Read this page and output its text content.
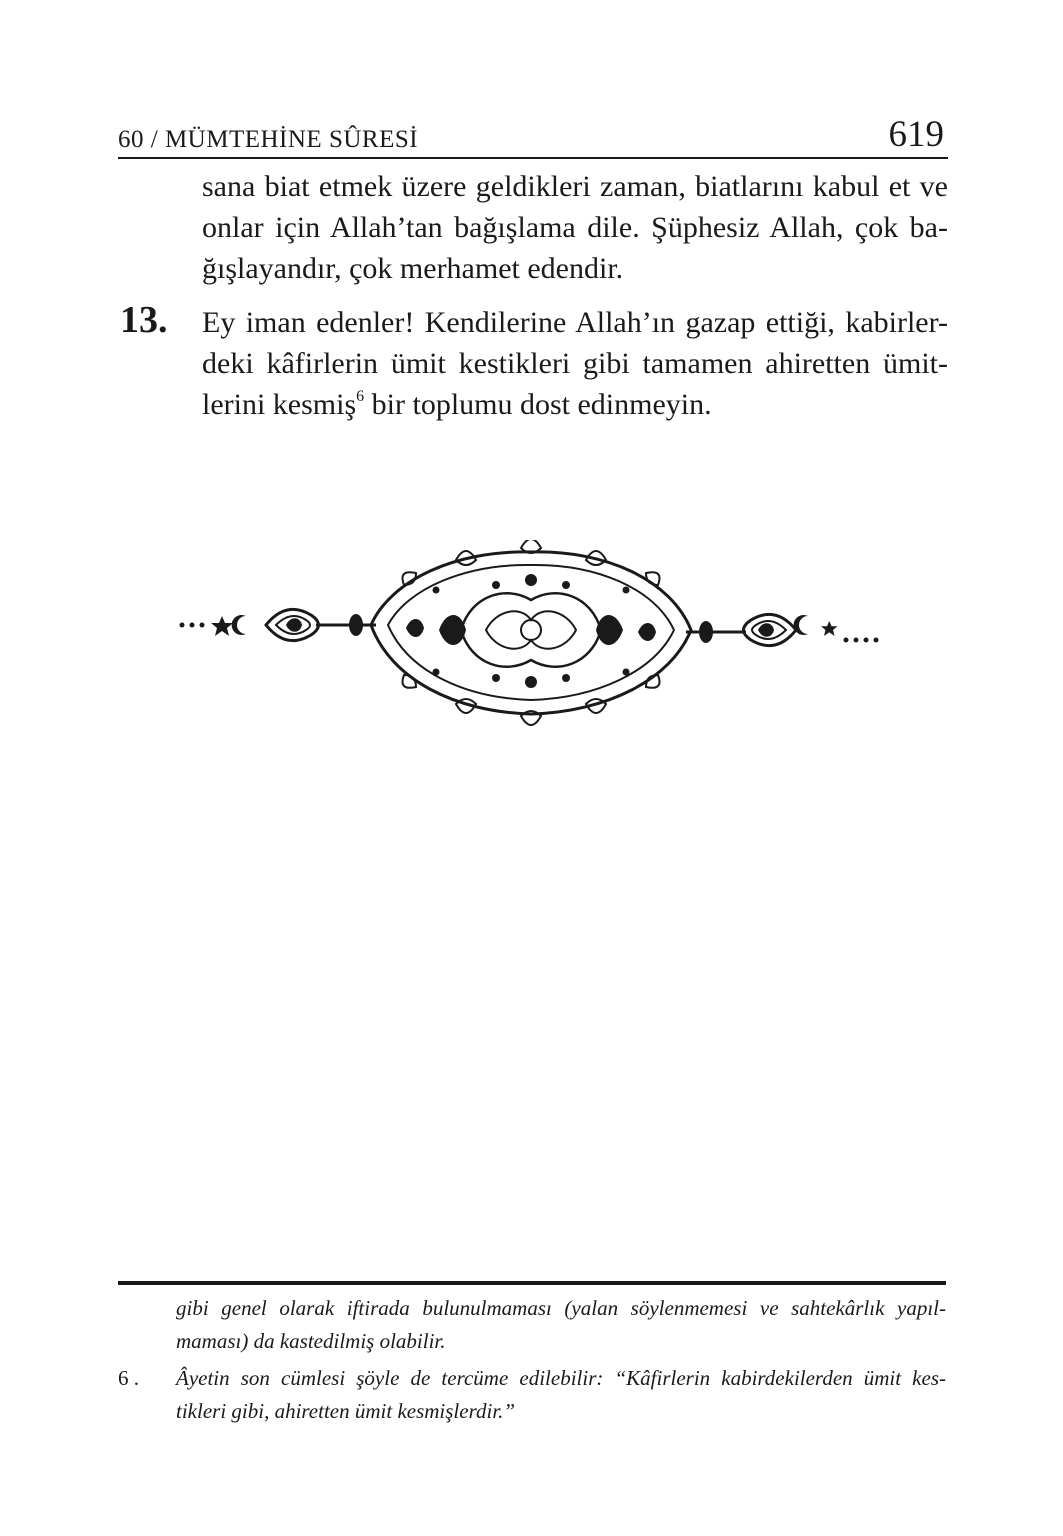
60 / MÜMTEHİNE SÛRESİ	619
sana biat etmek üzere geldikleri zaman, biatlarını kabul et ve
onlar için Allah’tan bağışlama dile. Şüphesiz Allah, çok ba-
ğışlayandır, çok merhamet edendir.
13. Ey iman edenler! Kendilerine Allah’ın gazap ettiği, kabirler-
deki kâfirlerin ümit kestikleri gibi tamamen ahiretten ümit-
lerini kesmiş$^6$ bir toplumu dost edinmeyin.
gibi genel olarak iftirada bulunulmaması (yalan söylenmemesi ve sahtekârlık yapıl-
maması) da kastedilmiş olabilir.
6 . Âyetin son cümlesi şöyle de tercüme edilebilir: “Kâfirlerin kabirdekilerden ümit kes-
tikleri gibi, ahiretten ümit kesmişlerdir.”
